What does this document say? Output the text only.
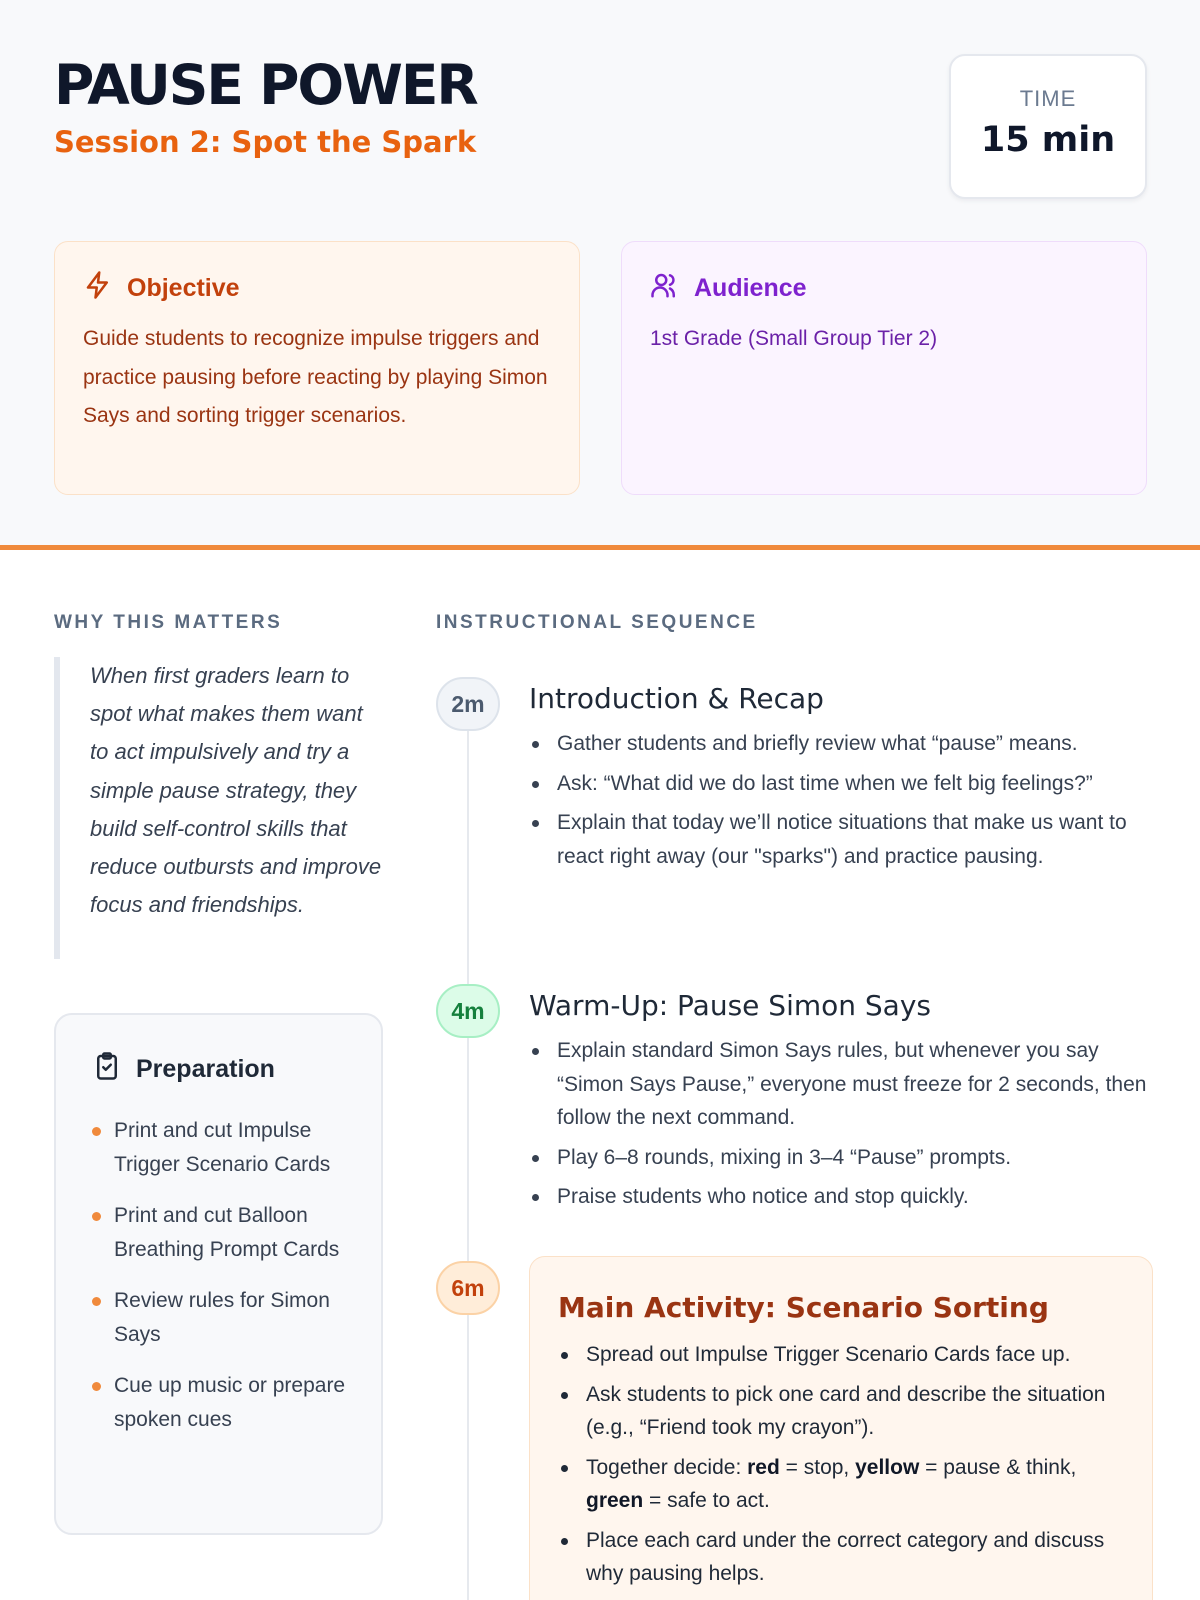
PAUSE POWER
Session 2: Spot the Spark
TIME
15 min
Objective
Guide students to recognize impulse triggers and practice pausing before reacting by playing Simon Says and sorting trigger scenarios.
Audience
1st Grade (Small Group Tier 2)
WHY THIS MATTERS
When first graders learn to spot what makes them want to act impulsively and try a simple pause strategy, they build self-control skills that reduce outbursts and improve focus and friendships.
Preparation
Print and cut Impulse Trigger Scenario Cards
Print and cut Balloon Breathing Prompt Cards
Review rules for Simon Says
Cue up music or prepare spoken cues
INSTRUCTIONAL SEQUENCE
2m	Introduction & Recap
Gather students and briefly review what “pause” means.
Ask: “What did we do last time when we felt big feelings?”
Explain that today we’ll notice situations that make us want to react right away (our "sparks") and practice pausing.
4m	Warm-Up: Pause Simon Says
Explain standard Simon Says rules, but whenever you say “Simon Says Pause,” everyone must freeze for 2 seconds, then follow the next command.
Play 6–8 rounds, mixing in 3–4 “Pause” prompts.
Praise students who notice and stop quickly.
6m
Main Activity: Scenario Sorting
Spread out Impulse Trigger Scenario Cards face up.
Ask students to pick one card and describe the situation (e.g., “Friend took my crayon”).
Together decide: red = stop, yellow = pause & think, green = safe to act.
Place each card under the correct category and discuss why pausing helps.
